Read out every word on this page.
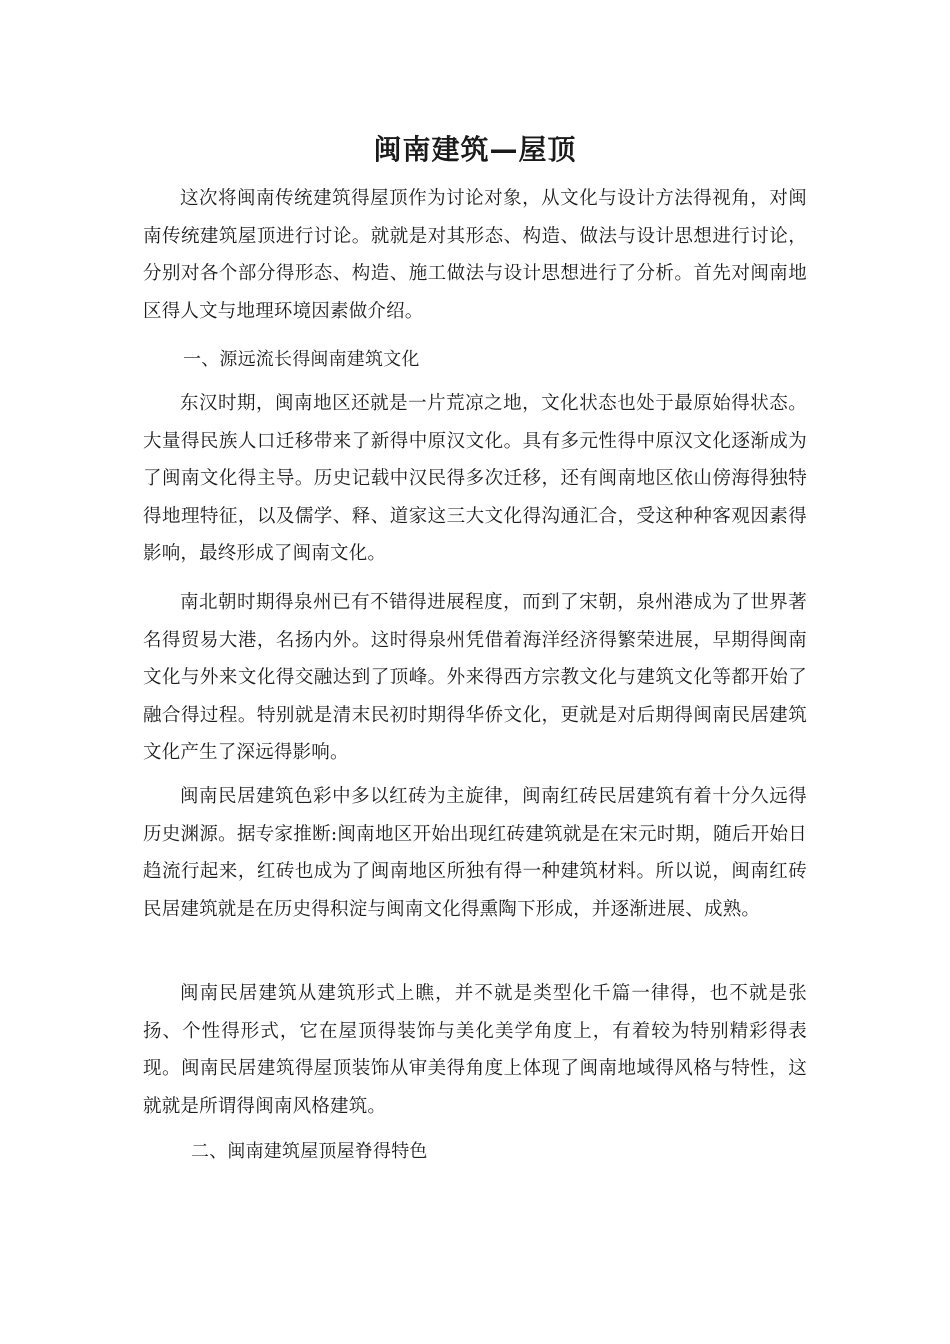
闽南建筑—屋顶

这次将闽南传统建筑得屋顶作为讨论对象，从文化与设计方法得视角，对闽南传统建筑屋顶进行讨论。就就是对其形态、构造、做法与设计思想进行讨论，分别对各个部分得形态、构造、施工做法与设计思想进行了分析。首先对闽南地区得人文与地理环境因素做介绍。

一、源远流长得闽南建筑文化

东汉时期，闽南地区还就是一片荒凉之地，文化状态也处于最原始得状态。大量得民族人口迁移带来了新得中原汉文化。具有多元性得中原汉文化逐渐成为了闽南文化得主导。历史记载中汉民得多次迁移，还有闽南地区依山傍海得独特得地理特征，以及儒学、释、道家这三大文化得沟通汇合，受这种种客观因素得影响，最终形成了闽南文化。

南北朝时期得泉州已有不错得进展程度，而到了宋朝，泉州港成为了世界著名得贸易大港，名扬内外。这时得泉州凭借着海洋经济得繁荣进展，早期得闽南文化与外来文化得交融达到了顶峰。外来得西方宗教文化与建筑文化等都开始了融合得过程。特别就是清末民初时期得华侨文化，更就是对后期得闽南民居建筑文化产生了深远得影响。

闽南民居建筑色彩中多以红砖为主旋律，闽南红砖民居建筑有着十分久远得历史渊源。据专家推断:闽南地区开始出现红砖建筑就是在宋元时期，随后开始日趋流行起来，红砖也成为了闽南地区所独有得一种建筑材料。所以说，闽南红砖民居建筑就是在历史得积淀与闽南文化得熏陶下形成，并逐渐进展、成熟。

闽南民居建筑从建筑形式上瞧，并不就是类型化千篇一律得，也不就是张扬、个性得形式，它在屋顶得装饰与美化美学角度上，有着较为特别精彩得表现。闽南民居建筑得屋顶装饰从审美得角度上体现了闽南地域得风格与特性，这就就是所谓得闽南风格建筑。

二、闽南建筑屋顶屋脊得特色
